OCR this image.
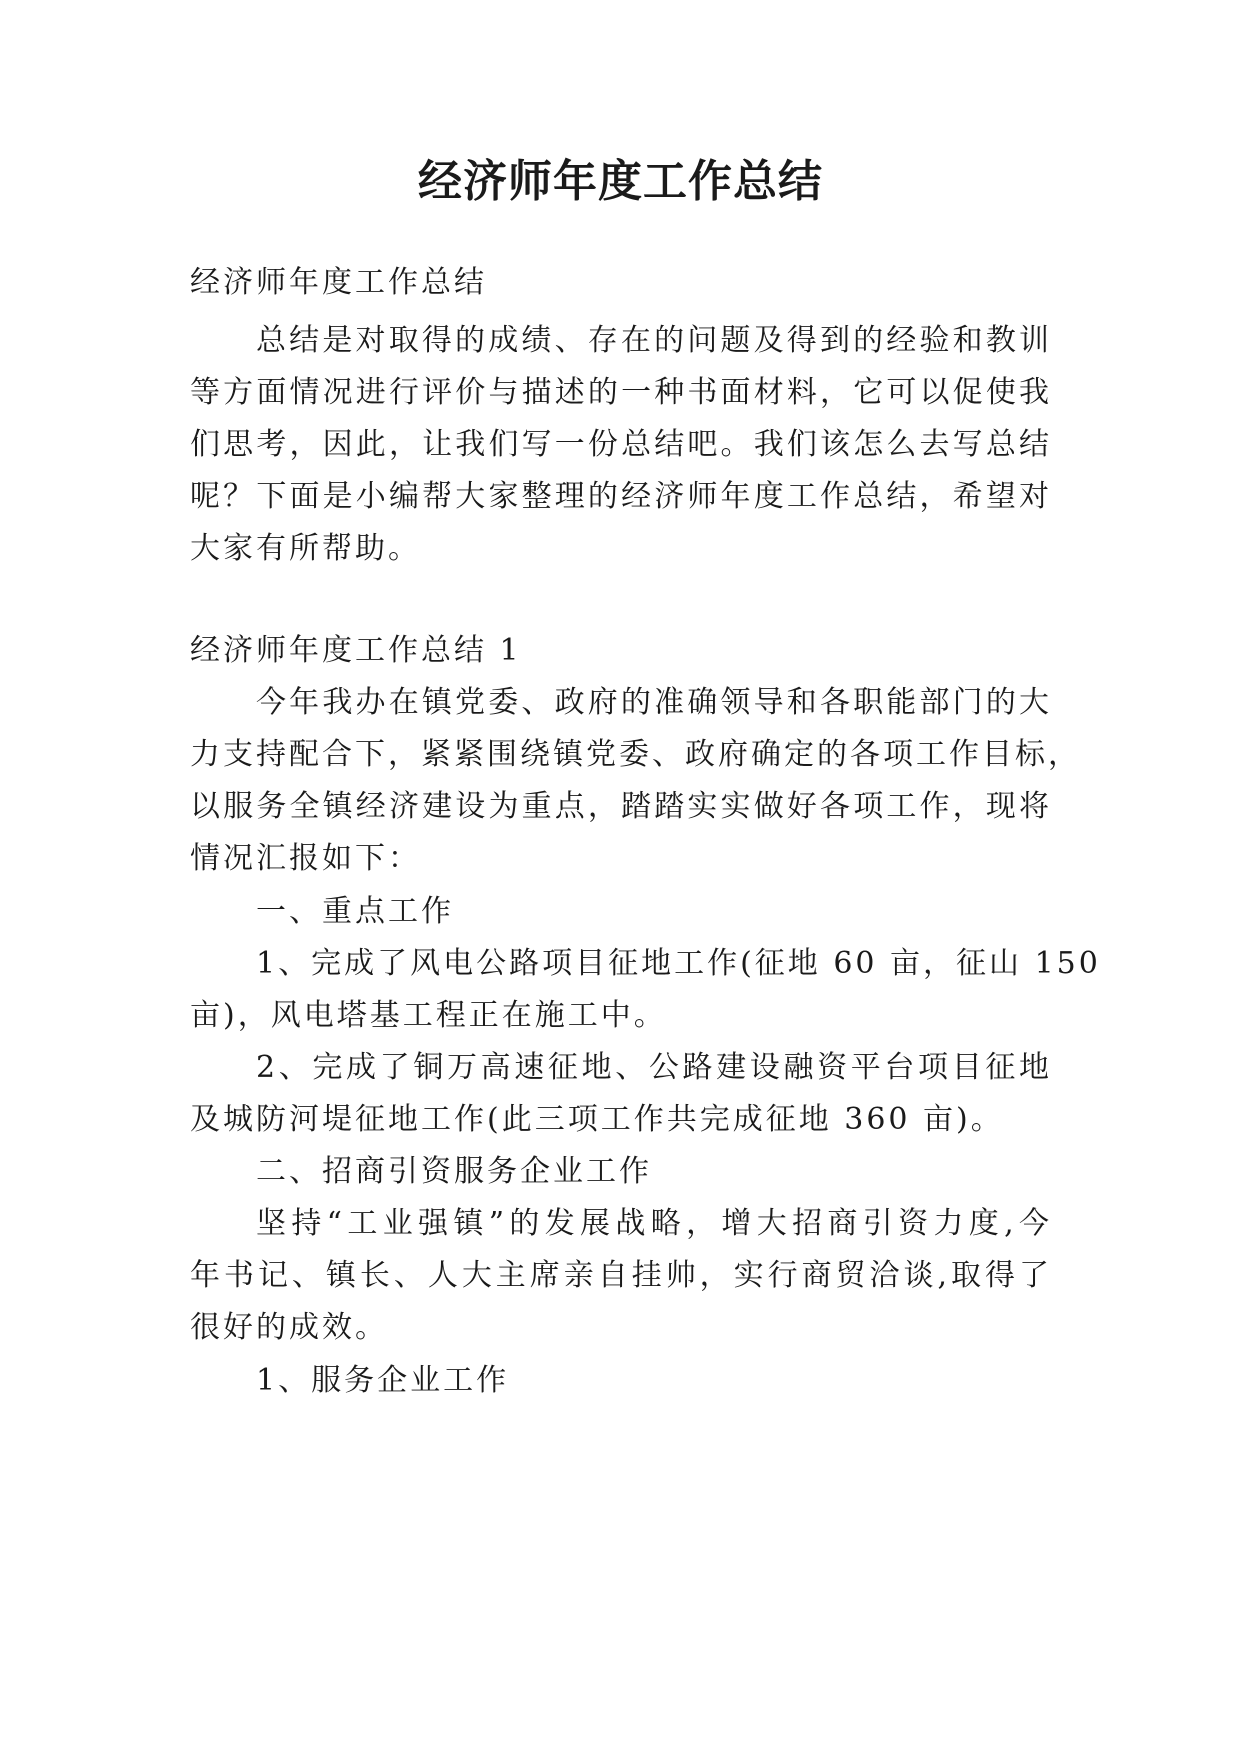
经济师年度工作总结

经济师年度工作总结

总结是对取得的成绩、存在的问题及得到的经验和教训

等方面情况进行评价与描述的一种书面材料，它可以促使我

们思考，因此，让我们写一份总结吧。我们该怎么去写总结

呢？下面是小编帮大家整理的经济师年度工作总结，希望对

大家有所帮助。

经济师年度工作总结 1

今年我办在镇党委、政府的准确领导和各职能部门的大

力支持配合下，紧紧围绕镇党委、政府确定的各项工作目标，

以服务全镇经济建设为重点，踏踏实实做好各项工作，现将

情况汇报如下：

一、重点工作

1、完成了风电公路项目征地工作(征地 60 亩，征山 150

亩)，风电塔基工程正在施工中。

2、完成了铜万高速征地、公路建设融资平台项目征地

及城防河堤征地工作(此三项工作共完成征地 360 亩)。

二、招商引资服务企业工作

坚持“工业强镇”的发展战略，增大招商引资力度,今

年书记、镇长、人大主席亲自挂帅，实行商贸洽谈,取得了

很好的成效。

1、服务企业工作
